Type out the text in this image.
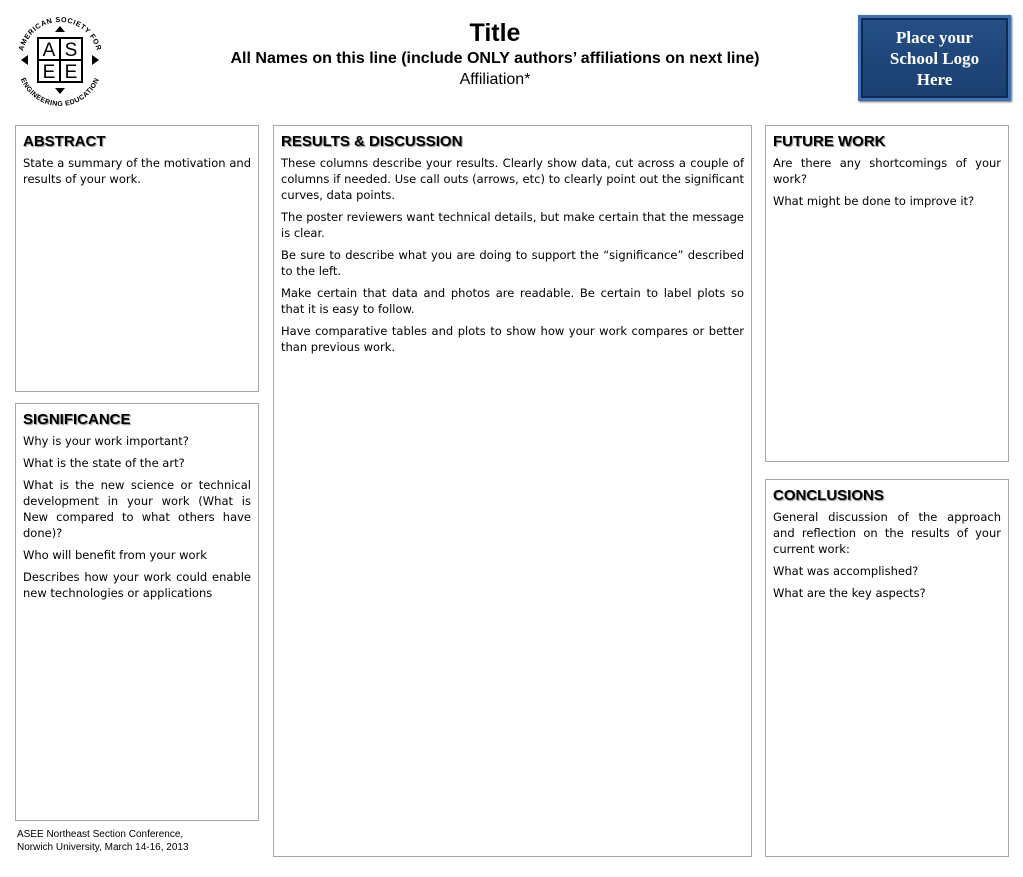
AMERICAN SOCIETY FOR
ENGINEERING EDUCATION
A S
E E
Title
All Names on this line (include ONLY authors’ affiliations on next line)
Affiliation*
Place your
School Logo
Here
ABSTRACT

State a summary of the motivation and results of your work.

SIGNIFICANCE

Why is your work important?

What is the state of the art?

What is the new science or technical development in your work (What is New compared to what others have done)?

Who will benefit from your work

Describes how your work could enable new technologies or applications

RESULTS & DISCUSSION

These columns describe your results. Clearly show data, cut across a couple of columns if needed. Use call outs (arrows, etc) to clearly point out the significant curves, data points.

The poster reviewers want technical details, but make certain that the message is clear.

Be sure to describe what you are doing to support the “significance” described to the left.

Make certain that data and photos are readable. Be certain to label plots so that it is easy to follow.

Have comparative tables and plots to show how your work compares or better than previous work.

FUTURE WORK

Are there any shortcomings of your work?

What might be done to improve it?

CONCLUSIONS

General discussion of the approach and reflection on the results of your current work:

What was accomplished?

What are the key aspects?

ASEE Northeast Section Conference,
Norwich University, March 14-16, 2013
